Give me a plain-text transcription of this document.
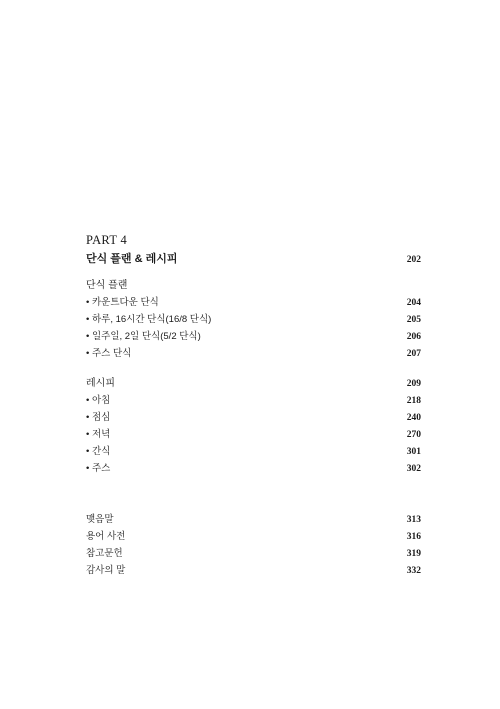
PART 4
단식 플랜 & 레시피	202
단식 플랜
• 카운트다운 단식	204
• 하루, 16시간 단식(16/8 단식)	205
• 일주일, 2일 단식(5/2 단식)	206
• 주스 단식	207
레시피	209
• 아침	218
• 점심	240
• 저녁	270
• 간식	301
• 주스	302
맺음말	313
용어 사전	316
참고문헌	319
감사의 말	332
